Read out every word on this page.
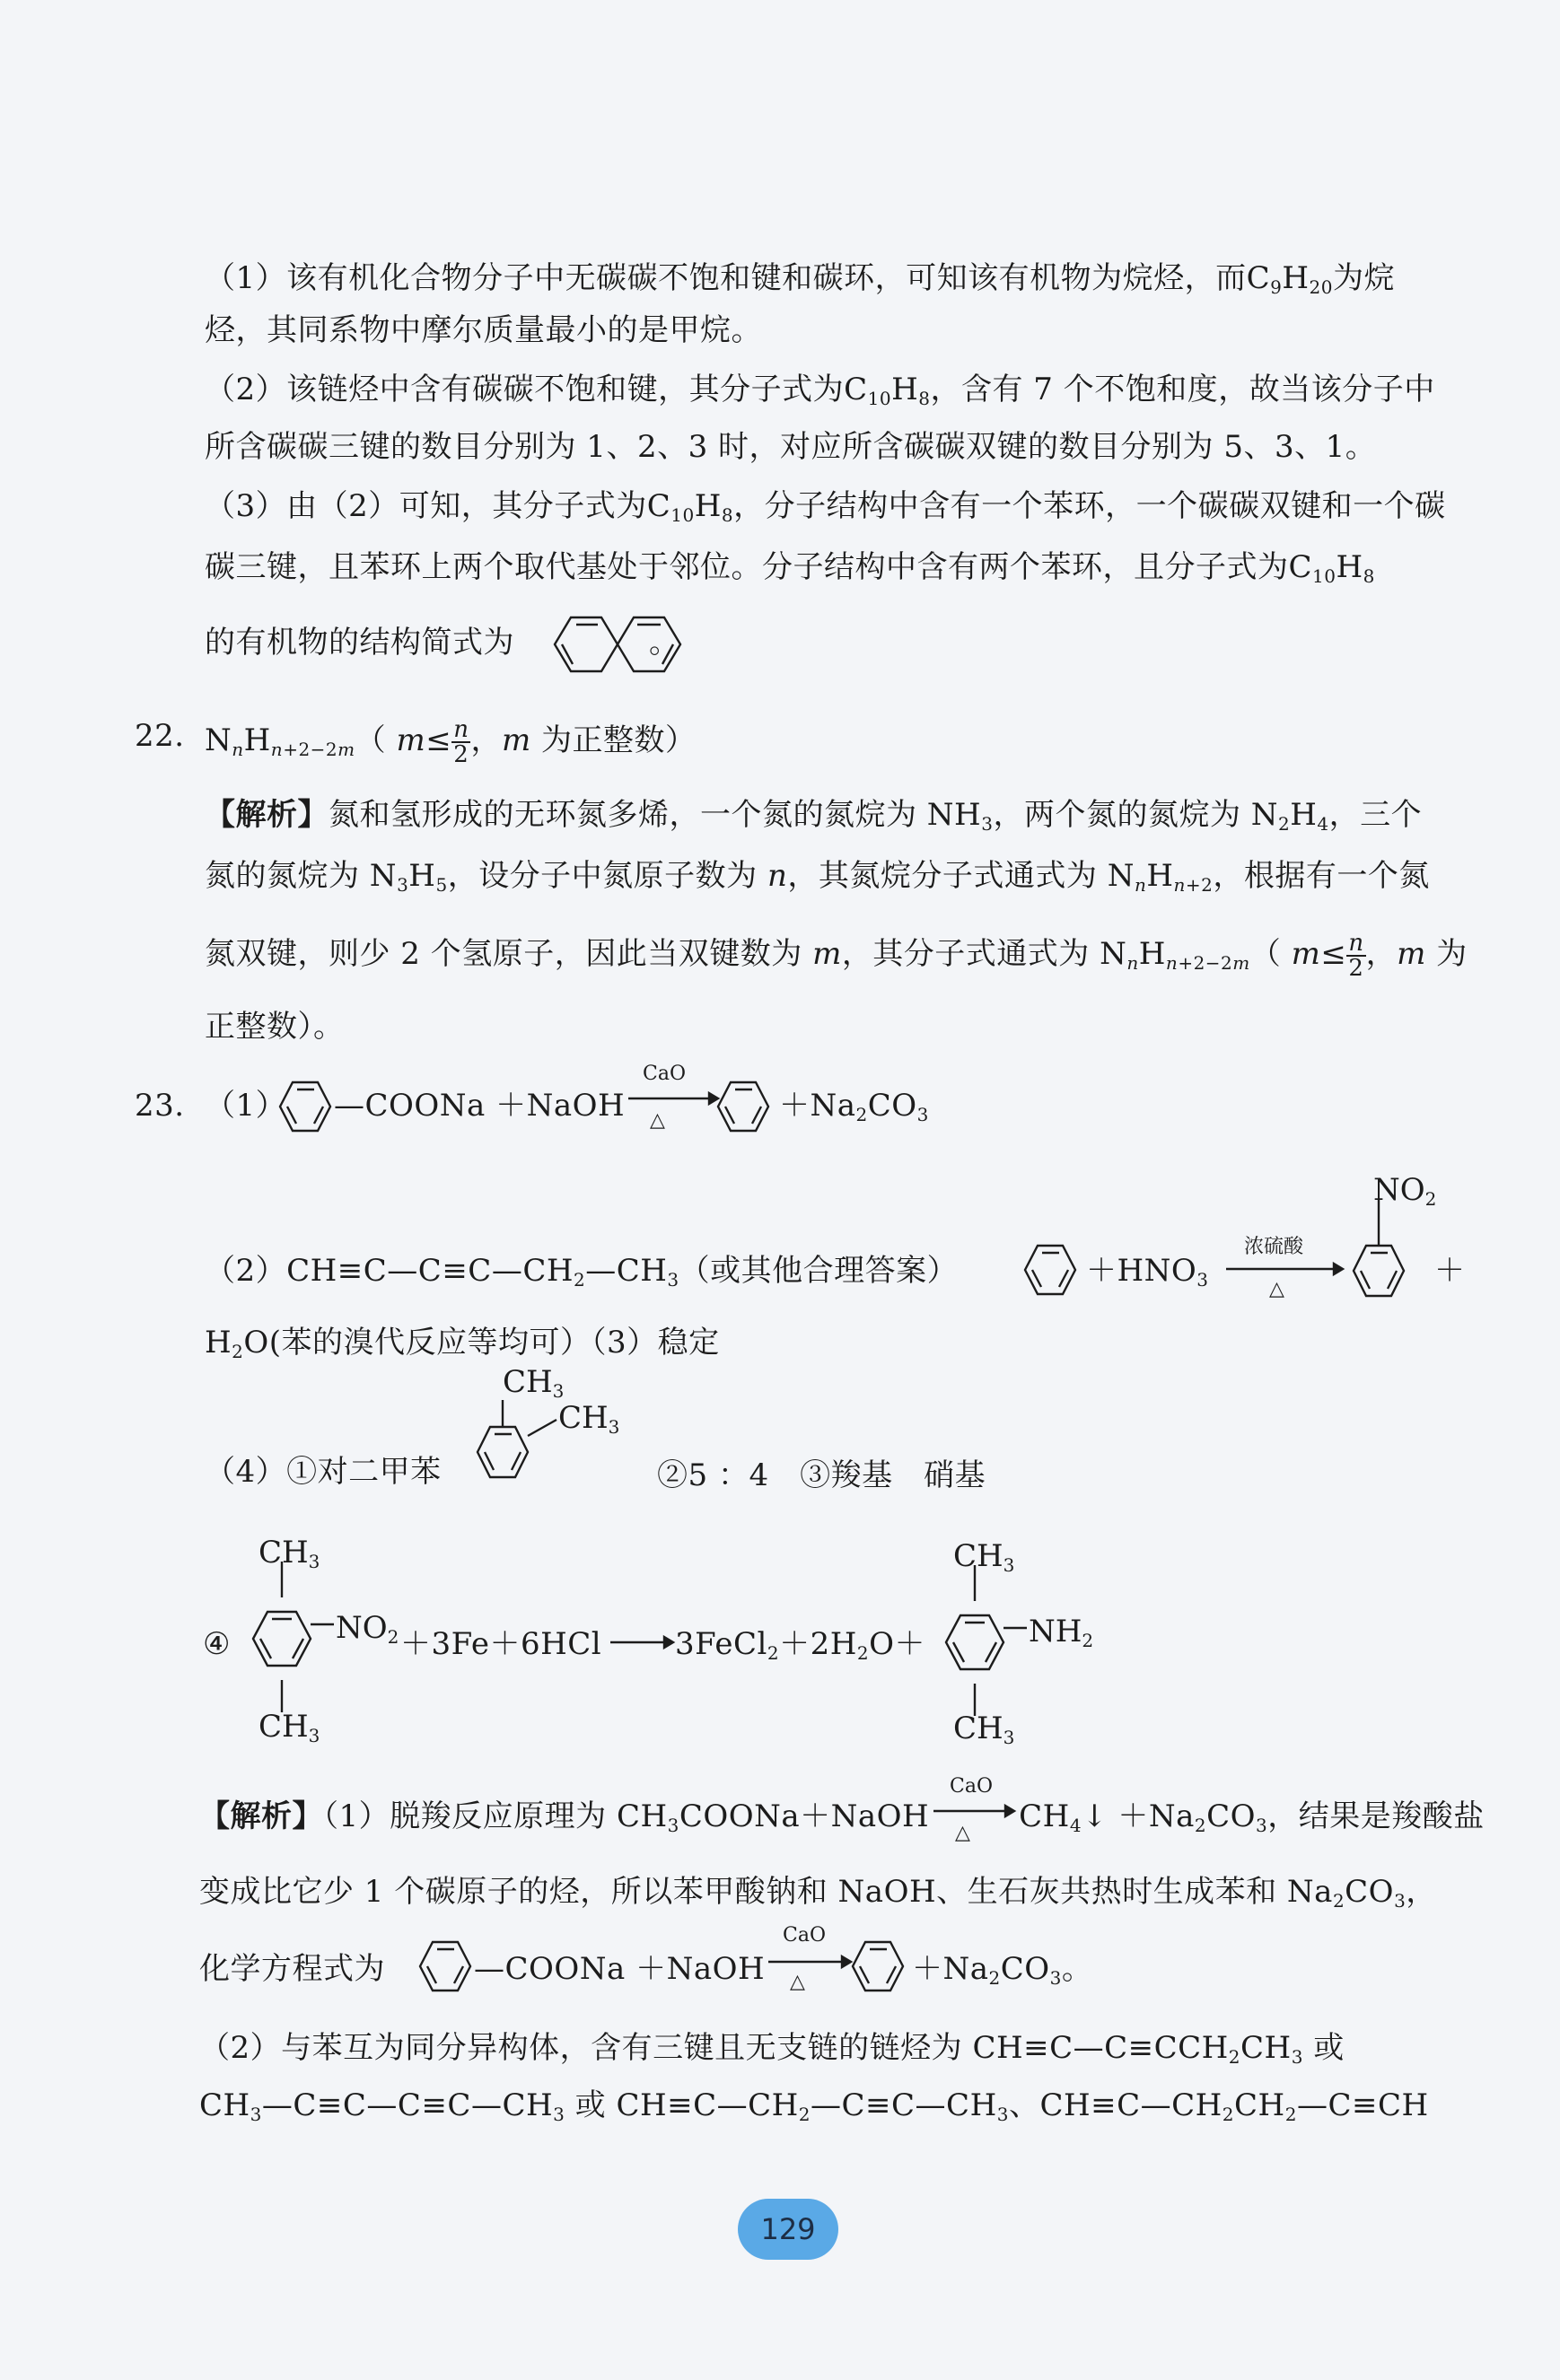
（1）该有机化合物分子中无碳碳不饱和键和碳环，可知该有机物为烷烃，而$C_9H_{20}$为烷
烃，其同系物中摩尔质量最小的是甲烷。
（2）该链烃中含有碳碳不饱和键，其分子式为$C_{10}H_8$，含有 7 个不饱和度，故当该分子中
所含碳碳三键的数目分别为 1、2、3 时，对应所含碳碳双键的数目分别为 5、3、1。
（3）由（2）可知，其分子式为$C_{10}H_8$，分子结构中含有一个苯环，一个碳碳双键和一个碳
碳三键，且苯环上两个取代基处于邻位。分子结构中含有两个苯环，且分子式为$C_{10}H_8$
的有机物的结构简式为	。
22. $N_nH_{n+2-2m}$（ $m\le \frac{n}{2}$ ，m 为正整数）
【解析】氮和氢形成的无环氮多烯，一个氮的氮烷为 $NH_3$，两个氮的氮烷为 $N_2H_4$，三个
氮的氮烷为 $N_3H_5$，设分子中氮原子数为 n，其氮烷分子式通式为 $N_nH_{n+2}$，根据有一个氮
氮双键，则少 2 个氢原子，因此当双键数为 m，其分子式通式为 $N_nH_{n+2-2m}$（ $m\le \frac{n}{2}$ ，m 为
正整数）。
23. （1） —COONa ＋NaOH
CaO
△	$+Na_2CO_3$
$NO_2$
$(2)CH\equiv C—C\equiv C—CH_2—CH_3$（或其他合理答案）	$+HNO_3$
浓硫酸
△
＋
$H_2O$(苯的溴代反应等均可）（3）稳定
$CH_3$
$CH_3$
（4）①对二甲苯	②5 ：4　③羧基　硝基
$CH_3$
$CH_3$
④	$NO_2 +3Fe+6HCl$ $3FeCl_2+2H_2O+$
$CH_3$
$CH_3$
$NH_2$
【解析】（1）脱羧反应原理为 $CH_3COONa+NaOH$	$CH_4↓ +Na_2CO_3$，结果是羧酸盐
CaO
△
变成比它少 1 个碳原子的烃，所以苯甲酸钠和 NaOH、生石灰共热时生成苯和 $Na_2CO_3$，
化学方程式为	—COONa ＋NaOH
CaO
△	$+Na_2CO_3$。
（2）与苯互为同分异构体，含有三键且无支链的链烃为 $CH\equiv C—C\equiv CCH_2CH_3$ 或
$CH_3—C\equiv C—C\equiv C—CH_3$ 或 $CH\equiv C—CH_2—C\equiv C—CH_3$、$CH\equiv C—CH_2CH_2—C\equiv CH$
129
